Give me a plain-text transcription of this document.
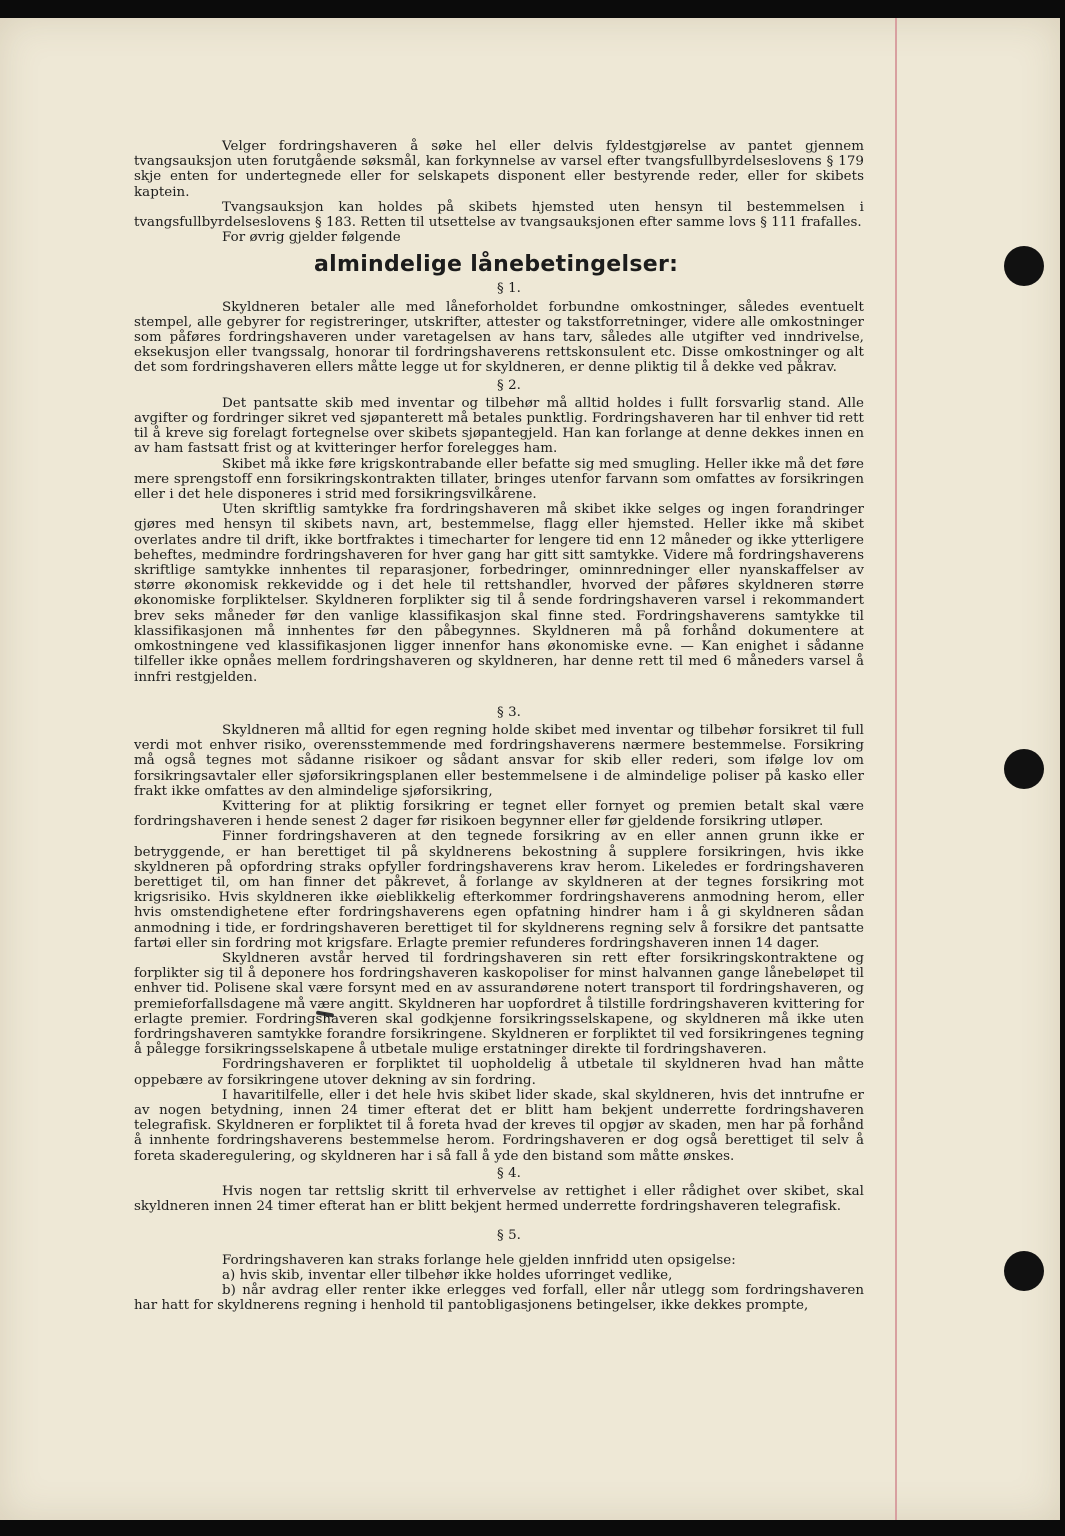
Velger fordringshaveren å søke hel eller delvis fyldestgjørelse av pantet gjennem tvangsauksjon uten forutgående søksmål, kan forkynnelse av varsel efter tvangsfullbyrdelseslovens § 179 skje enten for undertegnede eller for selskapets disponent eller bestyrende reder, eller for skibets kaptein.

Tvangsauksjon kan holdes på skibets hjemsted uten hensyn til bestemmelsen i tvangsfullbyrdelseslovens § 183. Retten til utsettelse av tvangsauksjonen efter samme lovs § 111 frafalles.

For øvrig gjelder følgende

almindelige lånebetingelser:
§ 1.

Skyldneren betaler alle med låneforholdet forbundne omkostninger, således eventuelt stempel, alle gebyrer for registreringer, utskrifter, attester og takstforretninger, videre alle omkostninger som påføres fordringshaveren under varetagelsen av hans tarv, således alle utgifter ved inndrivelse, eksekusjon eller tvangssalg, honorar til fordringshaverens rettskonsulent etc. Disse omkostninger og alt det som fordringshaveren ellers måtte legge ut for skyldneren, er denne pliktig til å dekke ved påkrav.

§ 2.

Det pantsatte skib med inventar og tilbehør må alltid holdes i fullt forsvarlig stand. Alle avgifter og fordringer sikret ved sjøpanterett må betales punktlig. Fordringshaveren har til enhver tid rett til å kreve sig forelagt fortegnelse over skibets sjøpantegjeld. Han kan forlange at denne dekkes innen en av ham fastsatt frist og at kvitteringer herfor forelegges ham.

Skibet må ikke føre krigskontrabande eller befatte sig med smugling. Heller ikke må det føre mere sprengstoff enn forsikringskontrakten tillater, bringes utenfor farvann som omfattes av forsikringen eller i det hele disponeres i strid med forsikringsvilkårene.

Uten skriftlig samtykke fra fordringshaveren må skibet ikke selges og ingen forandringer gjøres med hensyn til skibets navn, art, bestemmelse, flagg eller hjemsted. Heller ikke må skibet overlates andre til drift, ikke bortfraktes i timecharter for lengere tid enn 12 måneder og ikke ytterligere beheftes, medmindre fordringshaveren for hver gang har gitt sitt samtykke. Videre må fordringshaverens skriftlige samtykke innhentes til reparasjoner, forbedringer, ominnredninger eller nyanskaffelser av større økonomisk rekkevidde og i det hele til rettshandler, hvorved der påføres skyldneren større økonomiske forpliktelser. Skyldneren forplikter sig til å sende fordringshaveren varsel i rekommandert brev seks måneder før den vanlige klassifikasjon skal finne sted. Fordringshaverens samtykke til klassifikasjonen må innhentes før den påbegynnes. Skyldneren må på forhånd dokumentere at omkostningene ved klassifikasjonen ligger innenfor hans økonomiske evne. — Kan enighet i sådanne tilfeller ikke opnåes mellem fordringshaveren og skyldneren, har denne rett til med 6 måneders varsel å innfri restgjelden.

§ 3.

Skyldneren må alltid for egen regning holde skibet med inventar og tilbehør forsikret til full verdi mot enhver risiko, overensstemmende med fordringshaverens nærmere bestemmelse. Forsikring må også tegnes mot sådanne risikoer og sådant ansvar for skib eller rederi, som ifølge lov om forsikringsavtaler eller sjøforsikringsplanen eller bestemmelsene i de almindelige poliser på kasko eller frakt ikke omfattes av den almindelige sjøforsikring,

Kvittering for at pliktig forsikring er tegnet eller fornyet og premien betalt skal være fordringshaveren i hende senest 2 dager før risikoen begynner eller før gjeldende forsikring utløper.

Finner fordringshaveren at den tegnede forsikring av en eller annen grunn ikke er betryggende, er han berettiget til på skyldnerens bekostning å supplere forsikringen, hvis ikke skyldneren på opfordring straks opfyller fordringshaverens krav herom. Likeledes er fordringshaveren berettiget til, om han finner det påkrevet, å forlange av skyldneren at der tegnes forsikring mot krigsrisiko. Hvis skyldneren ikke øieblikkelig efterkommer fordringshaverens anmodning herom, eller hvis omstendighetene efter fordringshaverens egen opfatning hindrer ham i å gi skyldneren sådan anmodning i tide, er fordringshaveren berettiget til for skyldnerens regning selv å forsikre det pantsatte fartøi eller sin fordring mot krigsfare. Erlagte premier refunderes fordringshaveren innen 14 dager.

Skyldneren avstår herved til fordringshaveren sin rett efter forsikringskontraktene og forplikter sig til å deponere hos fordringshaveren kaskopoliser for minst halvannen gange lånebeløpet til enhver tid. Polisene skal være forsynt med en av assurandørene notert transport til fordringshaveren, og premieforfallsdagene må være angitt. Skyldneren har uopfordret å tilstille fordringshaveren kvittering for erlagte premier. Fordringshaveren skal godkjenne forsikringsselskapene, og skyldneren må ikke uten fordringshaveren samtykke forandre forsikringene. Skyldneren er forpliktet til ved forsikringenes tegning å pålegge forsikringsselskapene å utbetale mulige erstatninger direkte til fordringshaveren.

Fordringshaveren er forpliktet til uopholdelig å utbetale til skyldneren hvad han måtte oppebære av forsikringene utover dekning av sin fordring.

I havaritilfelle, eller i det hele hvis skibet lider skade, skal skyldneren, hvis det inntrufne er av nogen betydning, innen 24 timer efterat det er blitt ham bekjent underrette fordringshaveren telegrafisk. Skyldneren er forpliktet til å foreta hvad der kreves til opgjør av skaden, men har på forhånd å innhente fordringshaverens bestemmelse herom. Fordringshaveren er dog også berettiget til selv å foreta skaderegulering, og skyldneren har i så fall å yde den bistand som måtte ønskes.

§ 4.

Hvis nogen tar rettslig skritt til erhvervelse av rettighet i eller rådighet over skibet, skal skyldneren innen 24 timer efterat han er blitt bekjent hermed underrette fordringshaveren telegrafisk.

§ 5.

Fordringshaveren kan straks forlange hele gjelden innfridd uten opsigelse:

a) hvis skib, inventar eller tilbehør ikke holdes uforringet vedlike,

b) når avdrag eller renter ikke erlegges ved forfall, eller når utlegg som fordringshaveren har hatt for skyldnerens regning i henhold til pantobligasjonens betingelser, ikke dekkes prompte,
